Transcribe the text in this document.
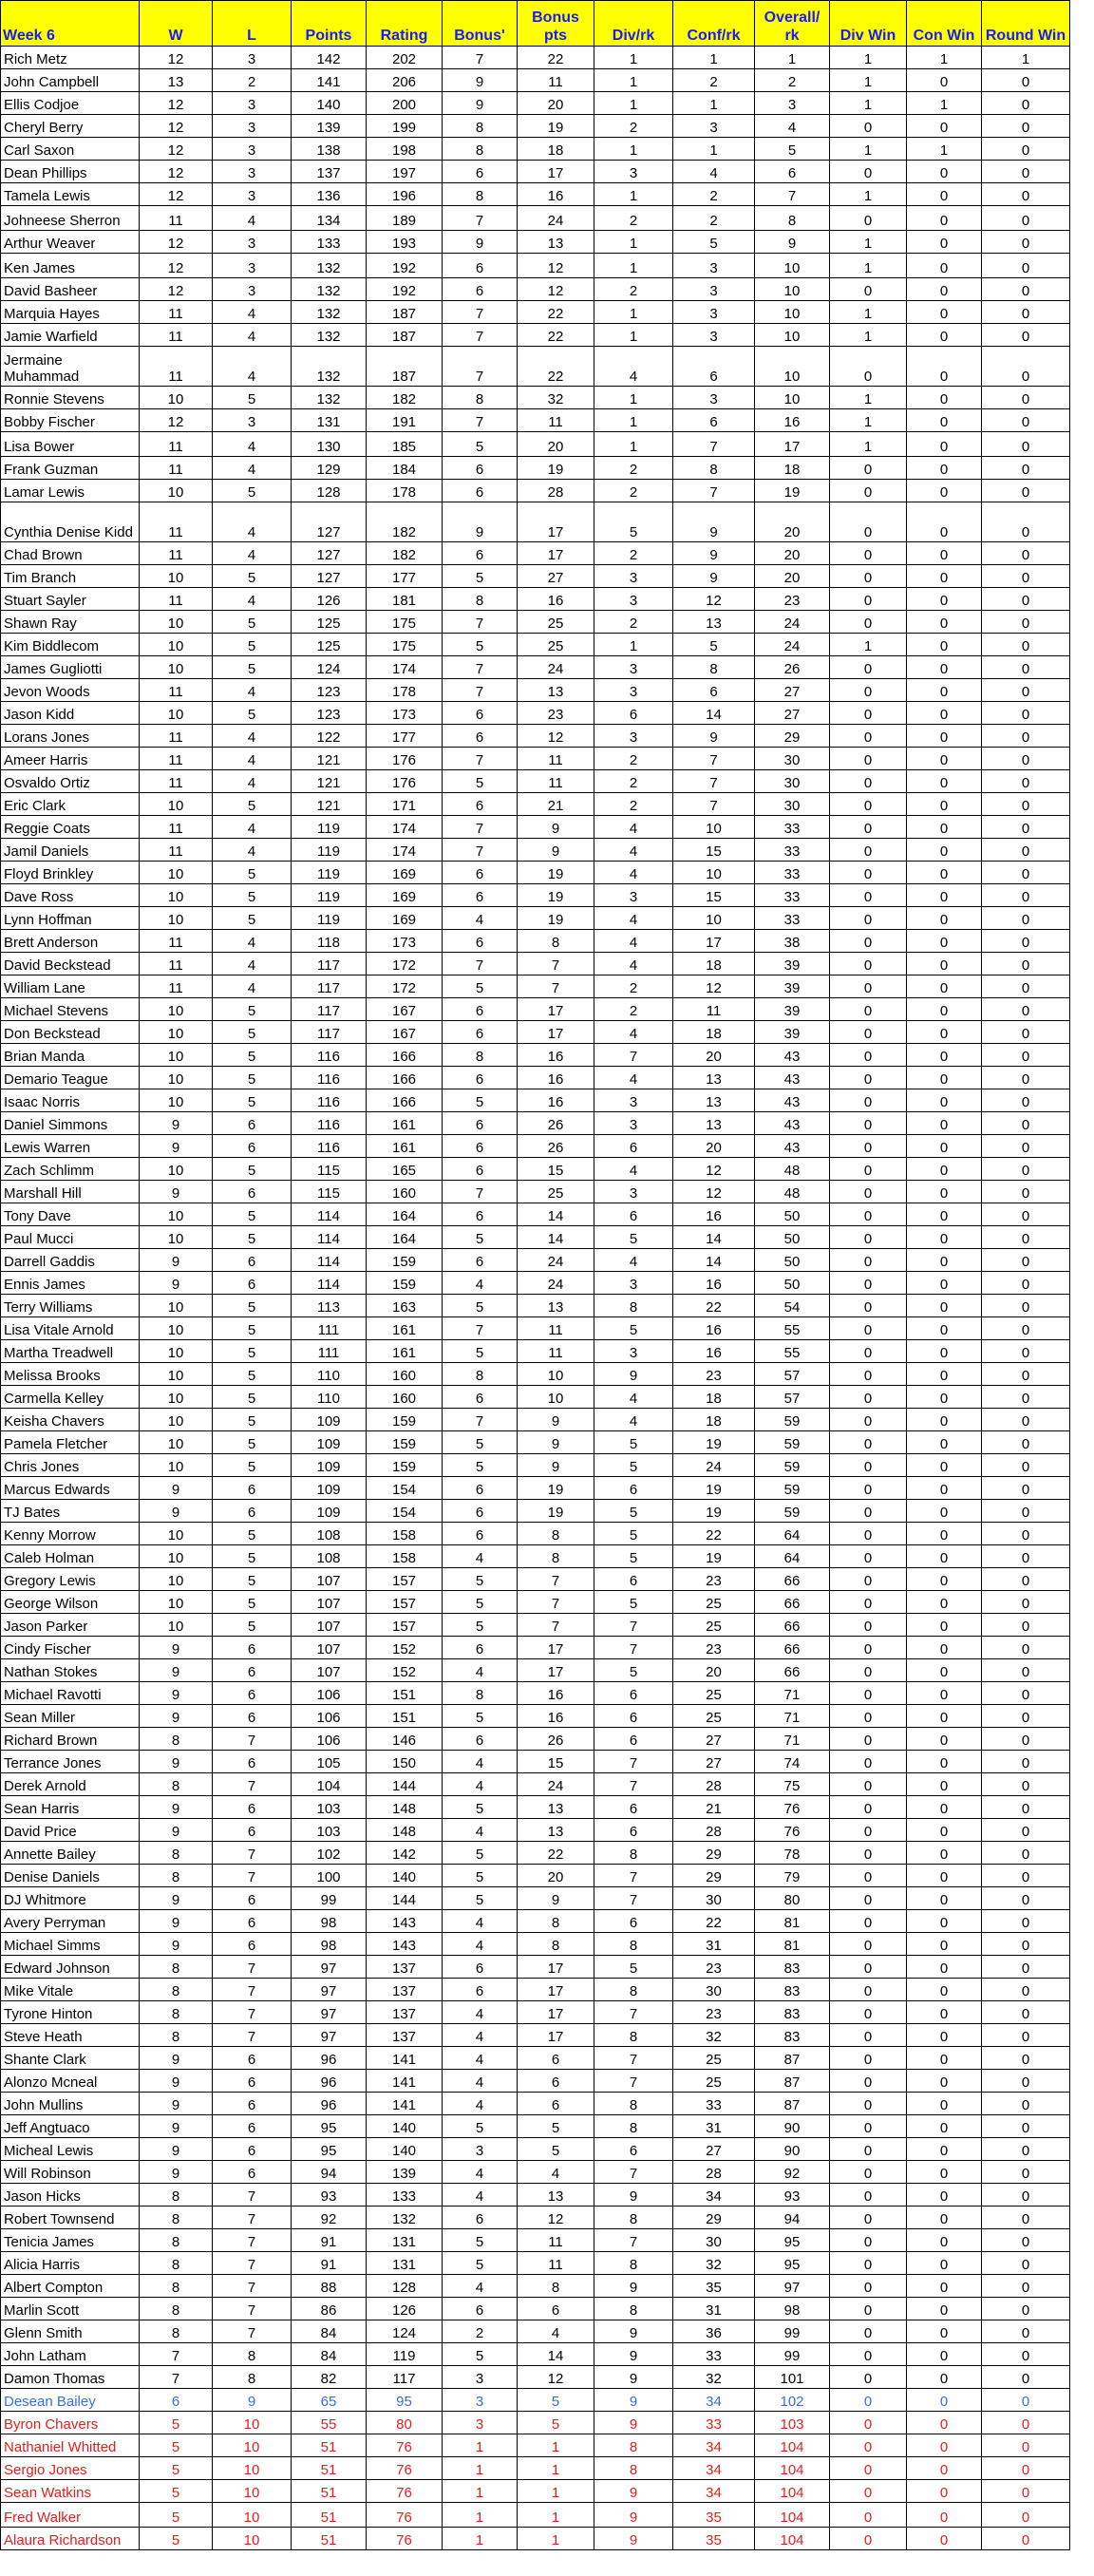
Week 6	W	L	Points	Rating	Bonus'	Bonus pts	Div/rk	Conf/rk	Overall/ rk	Div Win	Con Win	Round Win
Rich Metz	12	3	142	202	7	22	1	1	1	1	1	1
John Campbell	13	2	141	206	9	11	1	2	2	1	0	0
Ellis Codjoe	12	3	140	200	9	20	1	1	3	1	1	0
Cheryl Berry	12	3	139	199	8	19	2	3	4	0	0	0
Carl Saxon	12	3	138	198	8	18	1	1	5	1	1	0
Dean Phillips	12	3	137	197	6	17	3	4	6	0	0	0
Tamela Lewis	12	3	136	196	8	16	1	2	7	1	0	0
Johneese Sherron	11	4	134	189	7	24	2	2	8	0	0	0
Arthur Weaver	12	3	133	193	9	13	1	5	9	1	0	0
Ken James	12	3	132	192	6	12	1	3	10	1	0	0
David Basheer	12	3	132	192	6	12	2	3	10	0	0	0
Marquia Hayes	11	4	132	187	7	22	1	3	10	1	0	0
Jamie Warfield	11	4	132	187	7	22	1	3	10	1	0	0
Jermaine Muhammad	11	4	132	187	7	22	4	6	10	0	0	0
Ronnie Stevens	10	5	132	182	8	32	1	3	10	1	0	0
Bobby Fischer	12	3	131	191	7	11	1	6	16	1	0	0
Lisa Bower	11	4	130	185	5	20	1	7	17	1	0	0
Frank Guzman	11	4	129	184	6	19	2	8	18	0	0	0
Lamar Lewis	10	5	128	178	6	28	2	7	19	0	0	0
Cynthia Denise Kidd	11	4	127	182	9	17	5	9	20	0	0	0
Chad Brown	11	4	127	182	6	17	2	9	20	0	0	0
Tim Branch	10	5	127	177	5	27	3	9	20	0	0	0
Stuart Sayler	11	4	126	181	8	16	3	12	23	0	0	0
Shawn Ray	10	5	125	175	7	25	2	13	24	0	0	0
Kim Biddlecom	10	5	125	175	5	25	1	5	24	1	0	0
James Gugliotti	10	5	124	174	7	24	3	8	26	0	0	0
Jevon Woods	11	4	123	178	7	13	3	6	27	0	0	0
Jason Kidd	10	5	123	173	6	23	6	14	27	0	0	0
Lorans Jones	11	4	122	177	6	12	3	9	29	0	0	0
Ameer Harris	11	4	121	176	7	11	2	7	30	0	0	0
Osvaldo Ortiz	11	4	121	176	5	11	2	7	30	0	0	0
Eric Clark	10	5	121	171	6	21	2	7	30	0	0	0
Reggie Coats	11	4	119	174	7	9	4	10	33	0	0	0
Jamil Daniels	11	4	119	174	7	9	4	15	33	0	0	0
Floyd Brinkley	10	5	119	169	6	19	4	10	33	0	0	0
Dave Ross	10	5	119	169	6	19	3	15	33	0	0	0
Lynn Hoffman	10	5	119	169	4	19	4	10	33	0	0	0
Brett Anderson	11	4	118	173	6	8	4	17	38	0	0	0
David Beckstead	11	4	117	172	7	7	4	18	39	0	0	0
William Lane	11	4	117	172	5	7	2	12	39	0	0	0
Michael Stevens	10	5	117	167	6	17	2	11	39	0	0	0
Don Beckstead	10	5	117	167	6	17	4	18	39	0	0	0
Brian Manda	10	5	116	166	8	16	7	20	43	0	0	0
Demario Teague	10	5	116	166	6	16	4	13	43	0	0	0
Isaac Norris	10	5	116	166	5	16	3	13	43	0	0	0
Daniel Simmons	9	6	116	161	6	26	3	13	43	0	0	0
Lewis Warren	9	6	116	161	6	26	6	20	43	0	0	0
Zach Schlimm	10	5	115	165	6	15	4	12	48	0	0	0
Marshall Hill	9	6	115	160	7	25	3	12	48	0	0	0
Tony Dave	10	5	114	164	6	14	6	16	50	0	0	0
Paul Mucci	10	5	114	164	5	14	5	14	50	0	0	0
Darrell Gaddis	9	6	114	159	6	24	4	14	50	0	0	0
Ennis James	9	6	114	159	4	24	3	16	50	0	0	0
Terry Williams	10	5	113	163	5	13	8	22	54	0	0	0
Lisa Vitale Arnold	10	5	111	161	7	11	5	16	55	0	0	0
Martha Treadwell	10	5	111	161	5	11	3	16	55	0	0	0
Melissa Brooks	10	5	110	160	8	10	9	23	57	0	0	0
Carmella Kelley	10	5	110	160	6	10	4	18	57	0	0	0
Keisha Chavers	10	5	109	159	7	9	4	18	59	0	0	0
Pamela Fletcher	10	5	109	159	5	9	5	19	59	0	0	0
Chris Jones	10	5	109	159	5	9	5	24	59	0	0	0
Marcus Edwards	9	6	109	154	6	19	6	19	59	0	0	0
TJ Bates	9	6	109	154	6	19	5	19	59	0	0	0
Kenny Morrow	10	5	108	158	6	8	5	22	64	0	0	0
Caleb Holman	10	5	108	158	4	8	5	19	64	0	0	0
Gregory Lewis	10	5	107	157	5	7	6	23	66	0	0	0
George Wilson	10	5	107	157	5	7	5	25	66	0	0	0
Jason Parker	10	5	107	157	5	7	7	25	66	0	0	0
Cindy Fischer	9	6	107	152	6	17	7	23	66	0	0	0
Nathan Stokes	9	6	107	152	4	17	5	20	66	0	0	0
Michael Ravotti	9	6	106	151	8	16	6	25	71	0	0	0
Sean Miller	9	6	106	151	5	16	6	25	71	0	0	0
Richard Brown	8	7	106	146	6	26	6	27	71	0	0	0
Terrance Jones	9	6	105	150	4	15	7	27	74	0	0	0
Derek Arnold	8	7	104	144	4	24	7	28	75	0	0	0
Sean Harris	9	6	103	148	5	13	6	21	76	0	0	0
David Price	9	6	103	148	4	13	6	28	76	0	0	0
Annette Bailey	8	7	102	142	5	22	8	29	78	0	0	0
Denise Daniels	8	7	100	140	5	20	7	29	79	0	0	0
DJ Whitmore	9	6	99	144	5	9	7	30	80	0	0	0
Avery Perryman	9	6	98	143	4	8	6	22	81	0	0	0
Michael Simms	9	6	98	143	4	8	8	31	81	0	0	0
Edward Johnson	8	7	97	137	6	17	5	23	83	0	0	0
Mike Vitale	8	7	97	137	6	17	8	30	83	0	0	0
Tyrone Hinton	8	7	97	137	4	17	7	23	83	0	0	0
Steve Heath	8	7	97	137	4	17	8	32	83	0	0	0
Shante Clark	9	6	96	141	4	6	7	25	87	0	0	0
Alonzo Mcneal	9	6	96	141	4	6	7	25	87	0	0	0
John Mullins	9	6	96	141	4	6	8	33	87	0	0	0
Jeff Angtuaco	9	6	95	140	5	5	8	31	90	0	0	0
Micheal Lewis	9	6	95	140	3	5	6	27	90	0	0	0
Will Robinson	9	6	94	139	4	4	7	28	92	0	0	0
Jason Hicks	8	7	93	133	4	13	9	34	93	0	0	0
Robert Townsend	8	7	92	132	6	12	8	29	94	0	0	0
Tenicia James	8	7	91	131	5	11	7	30	95	0	0	0
Alicia Harris	8	7	91	131	5	11	8	32	95	0	0	0
Albert Compton	8	7	88	128	4	8	9	35	97	0	0	0
Marlin Scott	8	7	86	126	6	6	8	31	98	0	0	0
Glenn Smith	8	7	84	124	2	4	9	36	99	0	0	0
John Latham	7	8	84	119	5	14	9	33	99	0	0	0
Damon Thomas	7	8	82	117	3	12	9	32	101	0	0	0
Desean Bailey	6	9	65	95	3	5	9	34	102	0	0	0
Byron Chavers	5	10	55	80	3	5	9	33	103	0	0	0
Nathaniel Whitted	5	10	51	76	1	1	8	34	104	0	0	0
Sergio Jones	5	10	51	76	1	1	8	34	104	0	0	0
Sean Watkins	5	10	51	76	1	1	9	34	104	0	0	0
Fred Walker	5	10	51	76	1	1	9	35	104	0	0	0
Alaura Richardson	5	10	51	76	1	1	9	35	104	0	0	0
